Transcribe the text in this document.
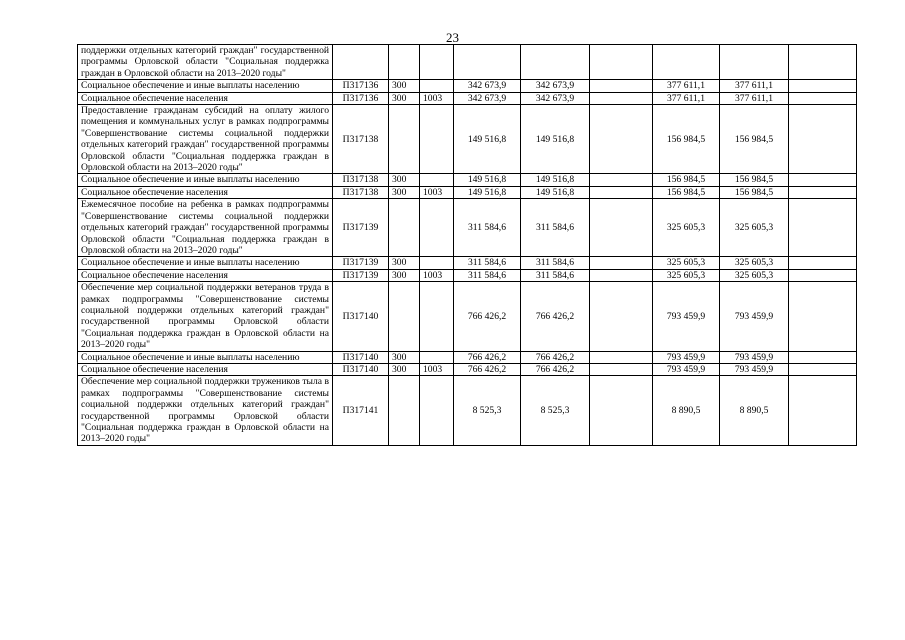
23
поддержки отдельных категорий граждан" государственной программы Орловской области "Социальная поддержка граждан в Орловской области на 2013–2020 годы"									
Социальное обеспечение и иные выплаты населению	П317136	300		342 673,9	342 673,9		377 611,1	377 611,1	
Социальное обеспечение населения	П317136	300	1003	342 673,9	342 673,9		377 611,1	377 611,1	
Предоставление гражданам субсидий на оплату жилого помещения и коммунальных услуг в рамках подпрограммы "Совершенствование системы социальной поддержки отдельных категорий граждан" государственной программы Орловской области "Социальная поддержка граждан в Орловской области на 2013–2020 годы"	П317138			149 516,8	149 516,8		156 984,5	156 984,5	
Социальное обеспечение и иные выплаты населению	П317138	300		149 516,8	149 516,8		156 984,5	156 984,5	
Социальное обеспечение населения	П317138	300	1003	149 516,8	149 516,8		156 984,5	156 984,5	
Ежемесячное пособие на ребенка в рамках подпрограммы "Совершенствование системы социальной поддержки отдельных категорий граждан" государственной программы Орловской области "Социальная поддержка граждан в Орловской области на 2013–2020 годы"	П317139			311 584,6	311 584,6		325 605,3	325 605,3	
Социальное обеспечение и иные выплаты населению	П317139	300		311 584,6	311 584,6		325 605,3	325 605,3	
Социальное обеспечение населения	П317139	300	1003	311 584,6	311 584,6		325 605,3	325 605,3	
Обеспечение мер социальной поддержки ветеранов труда в рамках подпрограммы "Совершенствование системы социальной поддержки отдельных категорий граждан" государственной программы Орловской области "Социальная поддержка граждан в Орловской области на 2013–2020 годы"	П317140			766 426,2	766 426,2		793 459,9	793 459,9	
Социальное обеспечение и иные выплаты населению	П317140	300		766 426,2	766 426,2		793 459,9	793 459,9	
Социальное обеспечение населения	П317140	300	1003	766 426,2	766 426,2		793 459,9	793 459,9	
Обеспечение мер социальной поддержки тружеников тыла в рамках подпрограммы "Совершенствование системы социальной поддержки отдельных категорий граждан" государственной программы Орловской области "Социальная поддержка граждан в Орловской области на 2013–2020 годы"	П317141			8 525,3	8 525,3		8 890,5	8 890,5	
